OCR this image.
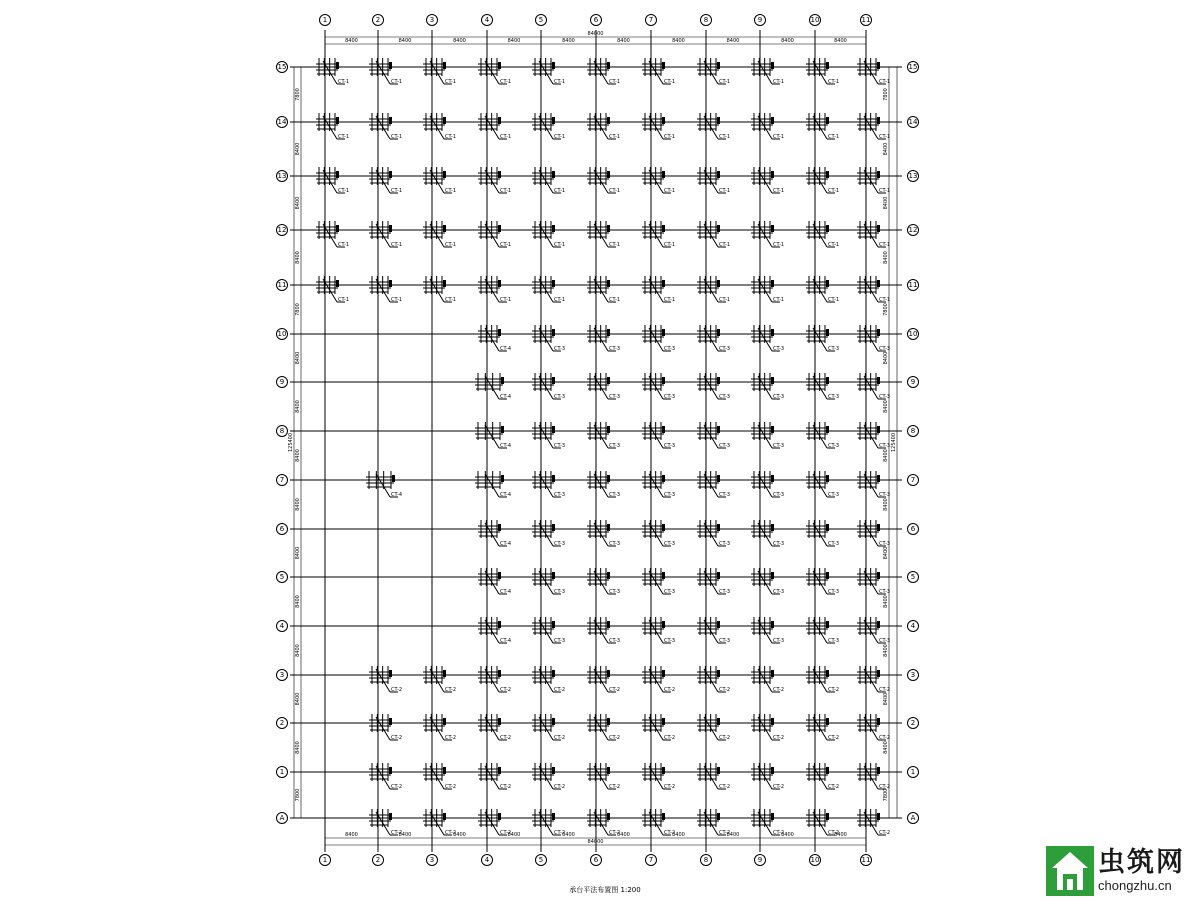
84000
8400	8400	8400	8400	8400	8400	8400	8400	8400	8400
84000
8400	8400	8400	8400	8400	8400	8400	8400	8400	8400
7800
8400
8400
8400
7800
8400
8400
8400
8400
8400
8400
8400
8400
8400
7800
7800
8400
8400
8400
7800
8400
8400
8400
8400
8400
8400
8400
8400
8400
7800
125400	125400
CT-1	CT-1	CT-1	CT-1	CT-1	CT-1	CT-1	CT-1	CT-1	CT-1	CT-1
CT-1	CT-1	CT-1	CT-1	CT-1	CT-1	CT-1	CT-1	CT-1	CT-1	CT-1
CT-1	CT-1	CT-1	CT-1	CT-1	CT-1	CT-1	CT-1	CT-1	CT-1	CT-1
CT-1	CT-1	CT-1	CT-1	CT-1	CT-1	CT-1	CT-1	CT-1	CT-1	CT-1
CT-1	CT-1	CT-1	CT-1	CT-1	CT-1	CT-1	CT-1	CT-1	CT-1	CT-1
CT-4	CT-3	CT-3	CT-3	CT-3	CT-3	CT-3	CT-3
CT-4	CT-3	CT-3	CT-3	CT-3	CT-3	CT-3	CT-3
CT-4	CT-3	CT-3	CT-3	CT-3	CT-3	CT-3	CT-3
CT-4	CT-4	CT-3	CT-3	CT-3	CT-3	CT-3	CT-3	CT-3
CT-4	CT-3	CT-3	CT-3	CT-3	CT-3	CT-3	CT-3
CT-4	CT-3	CT-3	CT-3	CT-3	CT-3	CT-3	CT-3
CT-4	CT-3	CT-3	CT-3	CT-3	CT-3	CT-3	CT-3
CT-2	CT-2	CT-2	CT-2	CT-2	CT-2	CT-2	CT-2	CT-2	CT-2
CT-2	CT-2	CT-2	CT-2	CT-2	CT-2	CT-2	CT-2	CT-2	CT-2
CT-2	CT-2	CT-2	CT-2	CT-2	CT-2	CT-2	CT-2	CT-2	CT-2
CT-2	CT-2	CT-2	CT-2	CT-2	CT-2	CT-2	CT-2	CT-2	CT-2
1
1
2
2
3
3
4
4
5
5
6
6
7
7
8
8
9
9
10
10
11
11
15	15
14	14
13	13
12	12
11	11
10	10
9	9
8	8
7	7
6	6
5	5
4	4
3	3
2	2
1	1
A	A
承台平法布置图 1:200
虫筑网
chongzhu.cn
